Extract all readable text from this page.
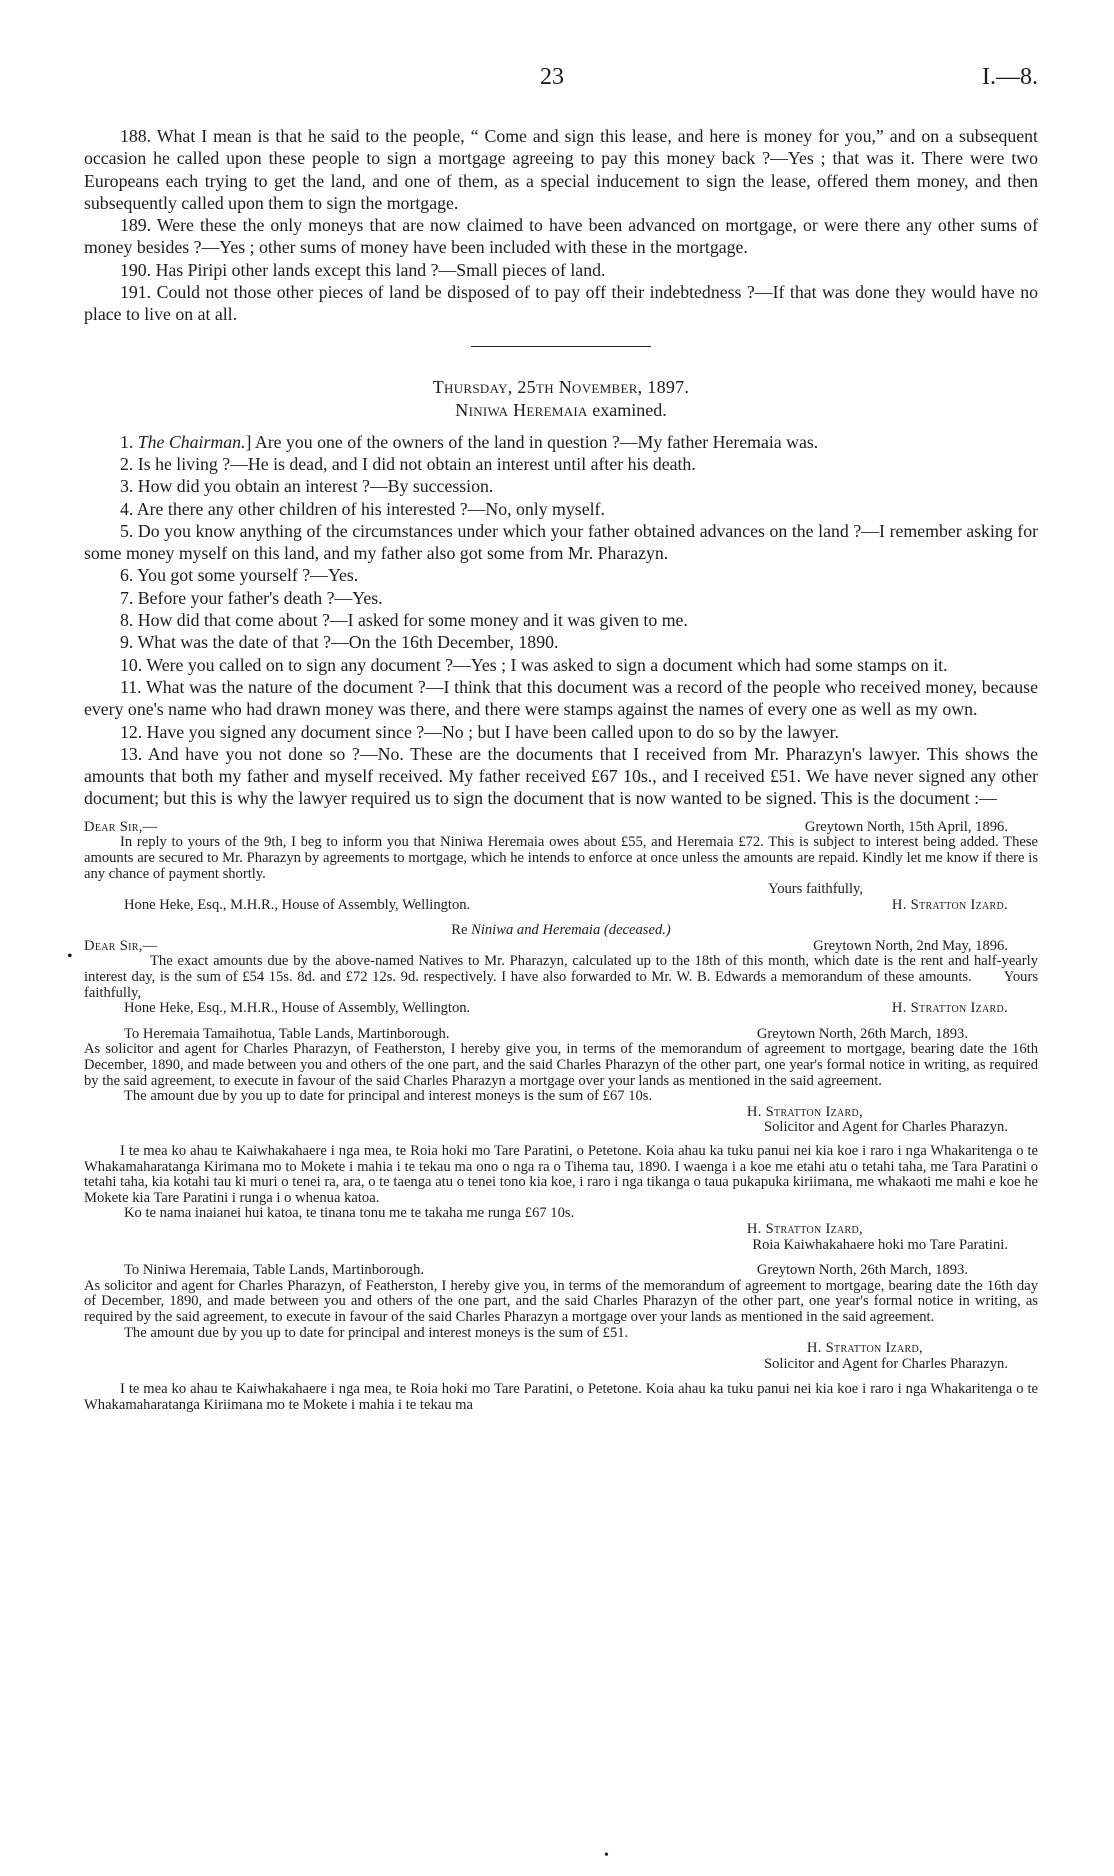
23	I.—8.

188. What I mean is that he said to the people, “ Come and sign this lease, and here is money for you,” and on a subsequent occasion he called upon these people to sign a mortgage agreeing to pay this money back ?—Yes ; that was it. There were two Europeans each trying to get the land, and one of them, as a special inducement to sign the lease, offered them money, and then subsequently called upon them to sign the mortgage.

189. Were these the only moneys that are now claimed to have been advanced on mortgage, or were there any other sums of money besides ?—Yes ; other sums of money have been included with these in the mortgage.

190. Has Piripi other lands except this land ?—Small pieces of land.

191. Could not those other pieces of land be disposed of to pay off their indebtedness ?—If that was done they would have no place to live on at all.

Thursday, 25th November, 1897.

Niniwa Heremaia examined.

1. The Chairman.] Are you one of the owners of the land in question ?—My father Heremaia was.

2. Is he living ?—He is dead, and I did not obtain an interest until after his death.

3. How did you obtain an interest ?—By succession.

4. Are there any other children of his interested ?—No, only myself.

5. Do you know anything of the circumstances under which your father obtained advances on the land ?—I remember asking for some money myself on this land, and my father also got some from Mr. Pharazyn.

6. You got some yourself ?—Yes.

7. Before your father's death ?—Yes.

8. How did that come about ?—I asked for some money and it was given to me.

9. What was the date of that ?—On the 16th December, 1890.

10. Were you called on to sign any document ?—Yes ; I was asked to sign a document which had some stamps on it.

11. What was the nature of the document ?—I think that this document was a record of the people who received money, because every one's name who had drawn money was there, and there were stamps against the names of every one as well as my own.

12. Have you signed any document since ?—No ; but I have been called upon to do so by the lawyer.

13. And have you not done so ?—No. These are the documents that I received from Mr. Pharazyn's lawyer. This shows the amounts that both my father and myself received. My father received £67 10s., and I received £51. We have never signed any other document; but this is why the lawyer required us to sign the document that is now wanted to be signed. This is the document :—

Dear Sir,—	Greytown North, 15th April, 1896.

In reply to yours of the 9th, I beg to inform you that Niniwa Heremaia owes about £55, and Heremaia £72. This is subject to interest being added. These amounts are secured to Mr. Pharazyn by agreements to mortgage, which he intends to enforce at once unless the amounts are repaid. Kindly let me know if there is any chance of payment shortly.

Yours faithfully,

Hone Heke, Esq., M.H.R., House of Assembly, Wellington.	H. Stratton Izard.

Re Niniwa and Heremaia (deceased.)

Dear Sir,—	Greytown North, 2nd May, 1896.

The exact amounts due by the above-named Natives to Mr. Pharazyn, calculated up to the 18th of this month, which date is the rent and half-yearly interest day, is the sum of £54 15s. 8d. and £72 12s. 9d. respectively. I have also forwarded to Mr. W. B. Edwards a memorandum of these amounts. Yours faithfully,

Hone Heke, Esq., M.H.R., House of Assembly, Wellington.	H. Stratton Izard.
To Heremaia Tamaihotua, Table Lands, Martinborough.	Greytown North, 26th March, 1893.

As solicitor and agent for Charles Pharazyn, of Featherston, I hereby give you, in terms of the memorandum of agreement to mortgage, bearing date the 16th December, 1890, and made between you and others of the one part, and the said Charles Pharazyn of the other part, one year's formal notice in writing, as required by the said agreement, to execute in favour of the said Charles Pharazyn a mortgage over your lands as mentioned in the said agreement.

The amount due by you up to date for principal and interest moneys is the sum of £67 10s.

H. Stratton Izard,

Solicitor and Agent for Charles Pharazyn.

I te mea ko ahau te Kaiwhakahaere i nga mea, te Roia hoki mo Tare Paratini, o Petetone. Koia ahau ka tuku panui nei kia koe i raro i nga Whakaritenga o te Whakamaharatanga Kirimana mo to Mokete i mahia i te tekau ma ono o nga ra o Tihema tau, 1890. I waenga i a koe me etahi atu o tetahi taha, me Tara Paratini o tetahi taha, kia kotahi tau ki muri o tenei ra, ara, o te taenga atu o tenei tono kia koe, i raro i nga tikanga o taua pukapuka kiriimana, me whakaoti me mahi e koe he Mokete kia Tare Paratini i runga i o whenua katoa.

Ko te nama inaianei hui katoa, te tinana tonu me te takaha me runga £67 10s.

H. Stratton Izard,

Roia Kaiwhakahaere hoki mo Tare Paratini.

To Niniwa Heremaia, Table Lands, Martinborough.	Greytown North, 26th March, 1893.

As solicitor and agent for Charles Pharazyn, of Featherston, I hereby give you, in terms of the memorandum of agreement to mortgage, bearing date the 16th day of December, 1890, and made between you and others of the one part, and the said Charles Pharazyn of the other part, one year's formal notice in writing, as required by the said agreement, to execute in favour of the said Charles Pharazyn a mortgage over your lands as mentioned in the said agreement.

The amount due by you up to date for principal and interest moneys is the sum of £51.

H. Stratton Izard,

Solicitor and Agent for Charles Pharazyn.

I te mea ko ahau te Kaiwhakahaere i nga mea, te Roia hoki mo Tare Paratini, o Petetone. Koia ahau ka tuku panui nei kia koe i raro i nga Whakaritenga o te Whakamaharatanga Kiriimana mo te Mokete i mahia i te tekau ma

•
•
